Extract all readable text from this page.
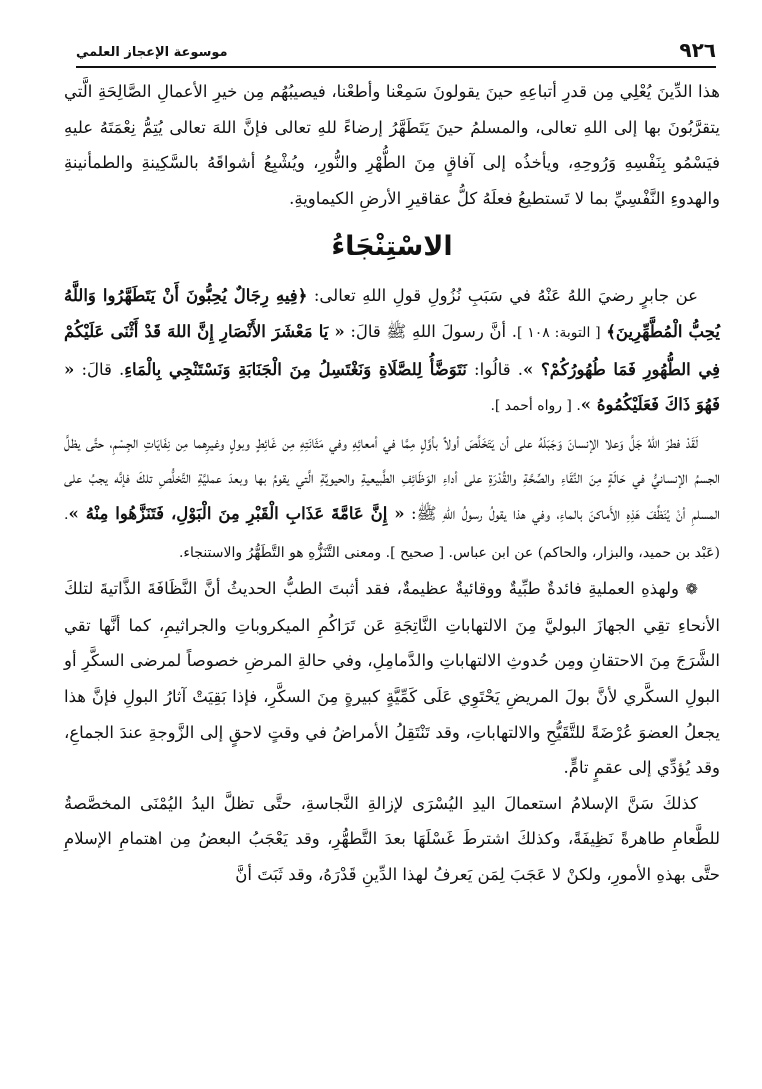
٩٢٦
موسوعة الإعجاز العلمي

هذا الدِّينَ يُعْلِي مِن قدرِ أتباعِهِ حينَ يقولونَ سَمِعْنا وأطعْنا، فيصيبُهُم مِن خيرِ الأعمالِ الصَّالِحَةِ الَّتي يتقرَّبُونَ بها إلى اللهِ تعالى، والمسلمُ حينَ يَتَطَهَّرُ إرضاءً للهِ تعالى فإنَّ اللهَ تعالى يُتِمُّ نِعْمَتَهُ عليهِ فيَسْمُو بِنَفْسِهِ وَرُوحِهِ، ويأخذُه إلى آفاقٍ مِنَ الطُّهْرِ والنُّورِ، ويُشْبِعُ أشواقَهُ بالسَّكِينةِ والطمأنينةِ والهدوءِ النَّفْسِيِّ بما لا تَستطيعُ فعلَهُ كلُّ عقاقيرِ الأرضِ الكيماويةِ.

الاسْتِنْجَاءُ

عن جابرٍ رضيَ اللهُ عَنْهُ في سَبَبِ نُزُولِ قولِ اللهِ تعالى: ﴿فِيهِ رِجَالٌ يُحِبُّونَ أَنْ يَتَطَهَّرُوا وَاللَّهُ يُحِبُّ الْمُطَّهِّرِينَ﴾ [ التوبة: ١٠٨ ]. أنَّ رسولَ اللهِ ﷺ قالَ: « يَا مَعْشَرَ الأَنْصَارِ إِنَّ اللهَ قَدْ أَثْنَى عَلَيْكُمْ فِي الطُّهُورِ فَمَا طُهُورُكُمْ؟ ». قالُوا: نَتَوَضَّأُ لِلصَّلَاةِ وَنَغْتَسِلُ مِنَ الْجَنَابَةِ وَنَسْتَنْجِي بِالْمَاءِ. قالَ: « فَهُوَ ذَاكَ فَعَلَيْكُمُوهُ ». [ رواه أحمد ].

لَقَدْ فطرَ اللهُ جَلَّ وَعلا الإنسانَ وَجَبَلَهُ على أن يَتَخَلَّصَ أولاً بأوَّلٍ مِمَّا في أمعائِهِ وفي مَثَانَتِهِ مِن غَائِطٍ وبولٍ وغيرِهما مِن نِفَايَاتِ الجِسْمِ، حتَّى يظلَّ الجسمُ الإنسانيُّ في حَالَةٍ مِنَ النَّقَاءِ والصِّحَّةِ والقُدْرَةِ على أداءِ الوَظَائِفِ الطَّبيعيةِ والحيويَّةِ الَّتي يقومُ بها وبعدَ عمليَّةِ التَّخلُّصِ تلكَ فإنَّه يجبُ على المسلمِ أنْ يُنَظِّفَ هَذِهِ الأَماكنَ بالماءِ، وفي هذا يقولُ رسولُ اللهِ ﷺ: « إِنَّ عَامَّةَ عَذَابِ الْقَبْرِ مِنَ الْبَوْلِ، فَتَنَزَّهُوا مِنْهُ ». (عَبْد بن حميد، والبزار، والحاكم) عن ابن عباس. [ صحيح ]. ومعنى التَّنَزُّهِ هو التَّطَهُّرُ والاستنجاء.

❁ ولهذهِ العمليةِ فائدةٌ طبِّيةٌ ووقائيةٌ عظيمةٌ، فقد أثبتَ الطبُّ الحديثُ أنَّ النَّظَافَةَ الذَّاتيةَ لتلكَ الأنحاءِ تقِي الجهازَ البوليَّ مِنَ الالتهاباتِ النَّاتِجَةِ عَن تَرَاكُمِ الميكروباتِ والجراثيمِ، كما أنَّها تقي الشَّرَجَ مِنَ الاحتقانِ ومِن حُدوثِ الالتهاباتِ والدَّمامِلِ، وفي حالةِ المرضِ خصوصاً لمرضى السكَّرِ أو البولِ السكَّري لأنَّ بولَ المريضِ يَحْتَوِي عَلَى كَمِّيَّةٍ كبيرةٍ مِنَ السكَّرِ، فإذا بَقِيَتْ آثارُ البولِ فإنَّ هذا يجعلُ العضوَ عُرْضَةً للتَّقَيُّحِ والالتهاباتِ، وقد تَنْتَقِلُ الأمراضُ في وقتٍ لاحقٍ إلى الزَّوجةِ عندَ الجماعِ، وقد يُؤدِّي إلى عقمٍ تامٍّ.

كذلكَ سَنَّ الإسلامُ استعمالَ اليدِ اليُسْرَى لإزالةِ النَّجاسةِ، حتَّى تظلَّ اليدُ اليُمْنَى المخصَّصةُ للطَّعامِ طاهرةً نَظِيفَةً، وكذلكَ اشترطَ غَسْلَهَا بعدَ التَّطهُّرِ، وقد يَعْجَبُ البعضُ مِن اهتمامِ الإسلامِ حتَّى بهذهِ الأمورِ، ولكنْ لا عَجَبَ لِمَن يَعرفُ لهذا الدِّينِ قَدْرَهُ، وقد ثَبَتَ أنَّ
